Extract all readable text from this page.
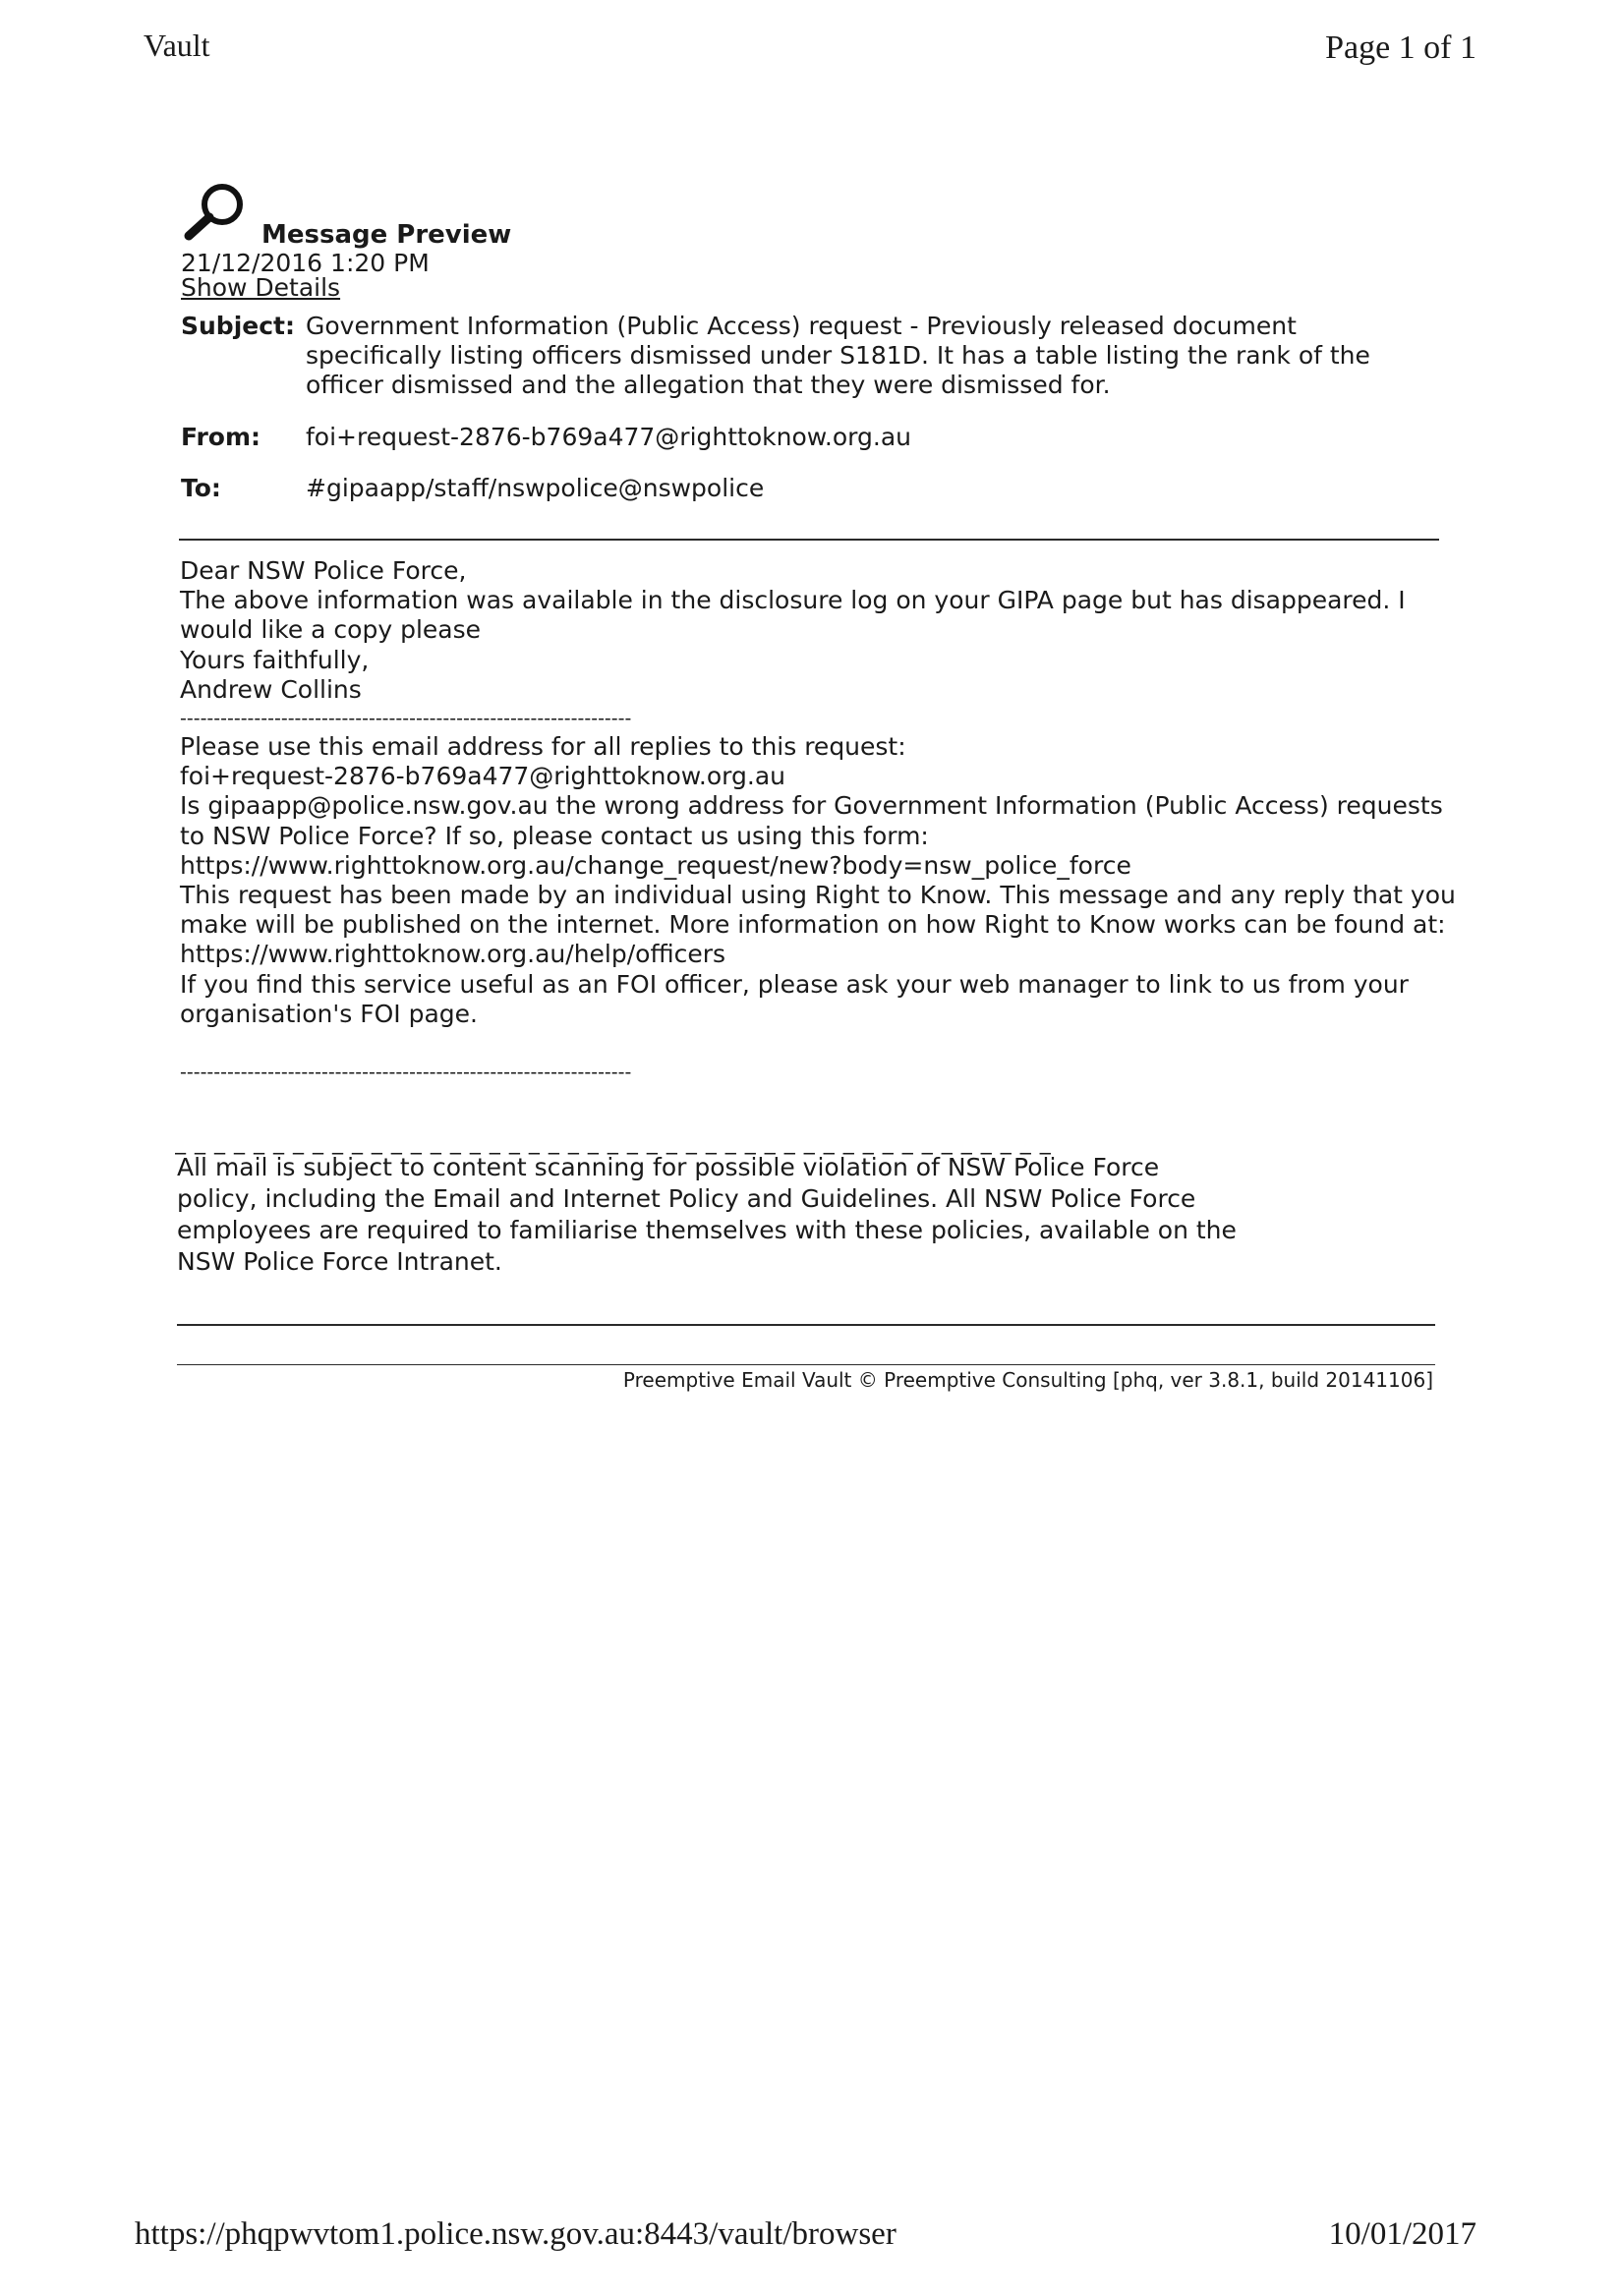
Vault	Page 1 of 1
Message Preview
21/12/2016 1:20 PM
Show Details
Subject: Government Information (Public Access) request - Previously released document specifically listing officers dismissed under S181D. It has a table listing the rank of the officer dismissed and the allegation that they were dismissed for.
From: foi+request-2876-b769a477@righttoknow.org.au
To:	#gipaapp/staff/nswpolice@nswpolice
Dear NSW Police Force,
The above information was available in the disclosure log on your GIPA page but has disappeared. I would like a copy please
Yours faithfully,
Andrew Collins
-------------------------------------------------------------------
Please use this email address for all replies to this request:
foi+request-2876-b769a477@righttoknow.org.au
Is gipaapp@police.nsw.gov.au the wrong address for Government Information (Public Access) requests to NSW Police Force? If so, please contact us using this form:
https://www.righttoknow.org.au/change_request/new?body=nsw_police_force
This request has been made by an individual using Right to Know. This message and any reply that you make will be published on the internet. More information on how Right to Know works can be found at:
https://www.righttoknow.org.au/help/officers
If you find this service useful as an FOI officer, please ask your web manager to link to us from your organisation's FOI page.
-------------------------------------------------------------------
_ _ _ _ _ _ _ _ _ _ _ _ _ _ _ _ _ _ _ _ _ _ _ _ _ _ _ _ _ _ _ _ _ _ _ _ _ _ _ _ _ _ _ _ _
All mail is subject to content scanning for possible violation of NSW Police Force policy, including the Email and Internet Policy and Guidelines. All NSW Police Force employees are required to familiarise themselves with these policies, available on the NSW Police Force Intranet.
Preemptive Email Vault © Preemptive Consulting [phq, ver 3.8.1, build 20141106]
https://phqpwvtom1.police.nsw.gov.au:8443/vault/browser	10/01/2017
